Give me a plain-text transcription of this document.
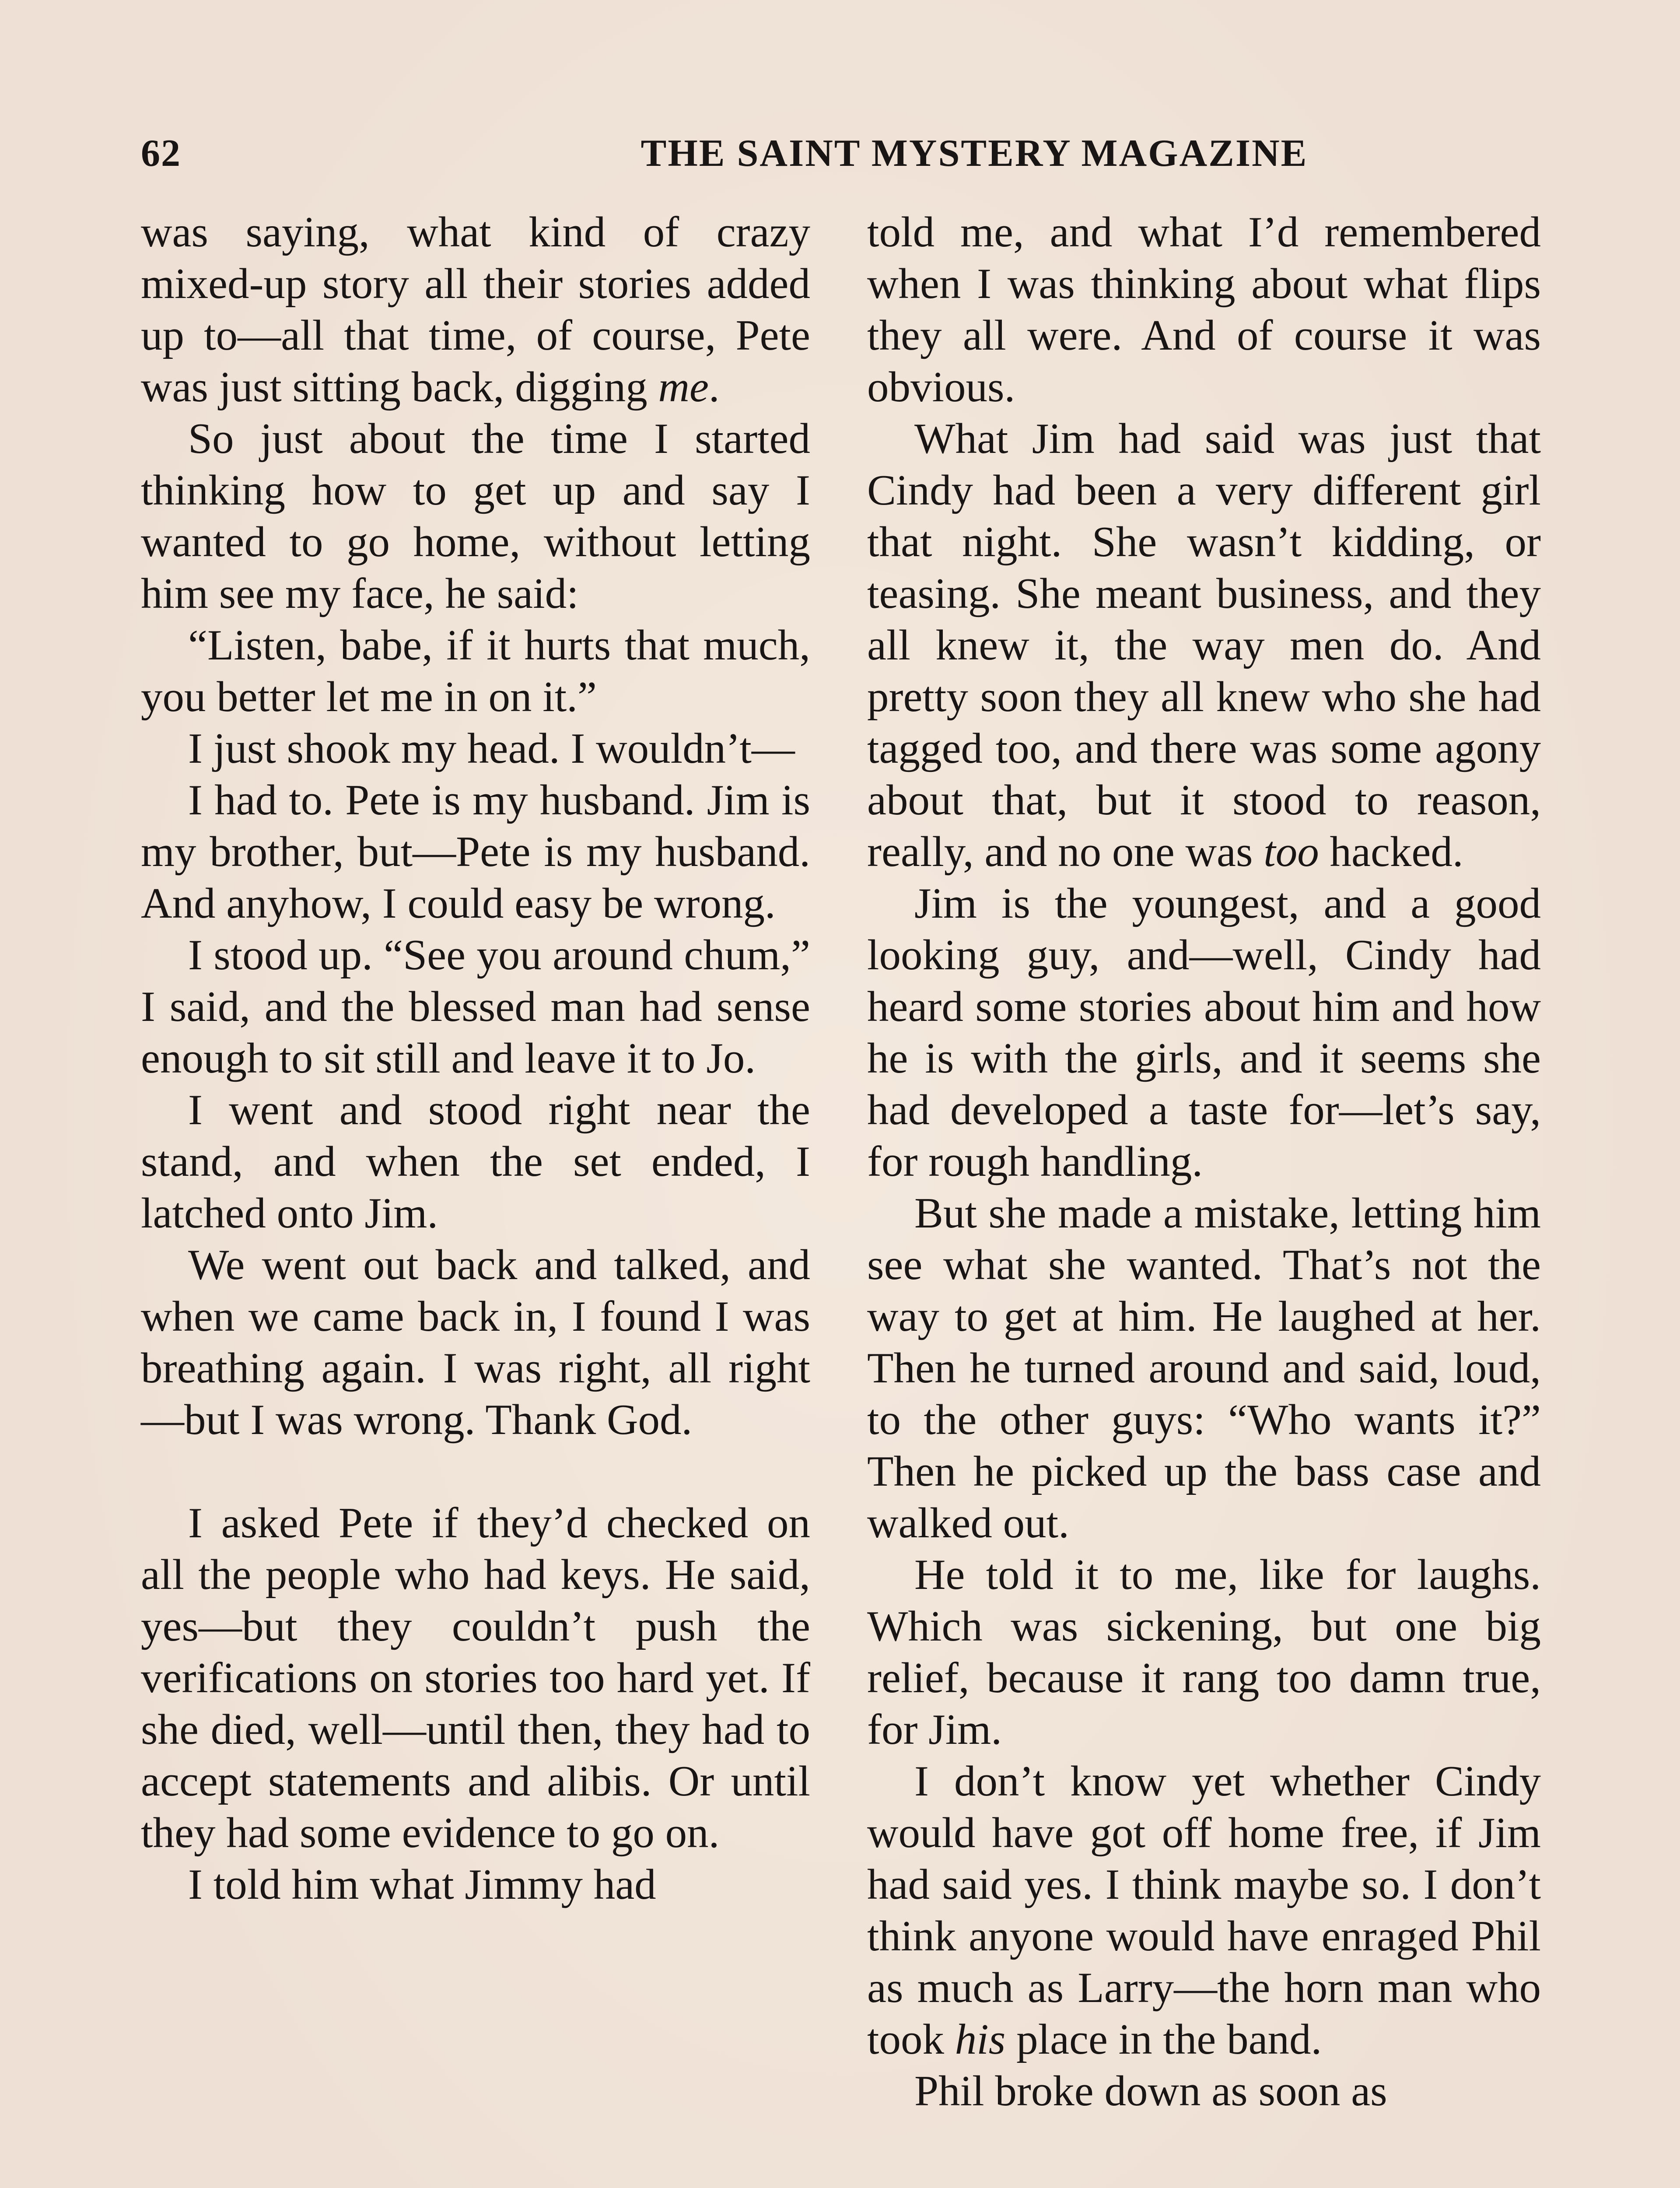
62	THE SAINT MYSTERY MAGAZINE

was saying, what kind of crazy mixed-up story all their stories added up to—all that time, of course, Pete was just sitting back, digging me.

So just about the time I started thinking how to get up and say I wanted to go home, without letting him see my face, he said:

“Listen, babe, if it hurts that much, you better let me in on it.”

I just shook my head. I wouldn’t—

I had to. Pete is my husband. Jim is my brother, but—Pete is my husband. And anyhow, I could easy be wrong.

I stood up. “See you around chum,” I said, and the blessed man had sense enough to sit still and leave it to Jo.

I went and stood right near the stand, and when the set ended, I latched onto Jim.

We went out back and talked, and when we came back in, I found I was breathing again. I was right, all right—but I was wrong. Thank God.

I asked Pete if they’d checked on all the people who had keys. He said, yes—but they couldn’t push the verifications on stories too hard yet. If she died, well—until then, they had to accept statements and alibis. Or until they had some evidence to go on.

I told him what Jimmy had

told me, and what I’d remembered when I was thinking about what flips they all were. And of course it was obvious.

What Jim had said was just that Cindy had been a very different girl that night. She wasn’t kidding, or teasing. She meant business, and they all knew it, the way men do. And pretty soon they all knew who she had tagged too, and there was some agony about that, but it stood to reason, really, and no one was too hacked.

Jim is the youngest, and a good looking guy, and—well, Cindy had heard some stories about him and how he is with the girls, and it seems she had developed a taste for—let’s say, for rough handling.

But she made a mistake, letting him see what she wanted. That’s not the way to get at him. He laughed at her. Then he turned around and said, loud, to the other guys: “Who wants it?” Then he picked up the bass case and walked out.

He told it to me, like for laughs. Which was sickening, but one big relief, because it rang too damn true, for Jim.

I don’t know yet whether Cindy would have got off home free, if Jim had said yes. I think maybe so. I don’t think anyone would have enraged Phil as much as Larry—the horn man who took his place in the band.

Phil broke down as soon as
